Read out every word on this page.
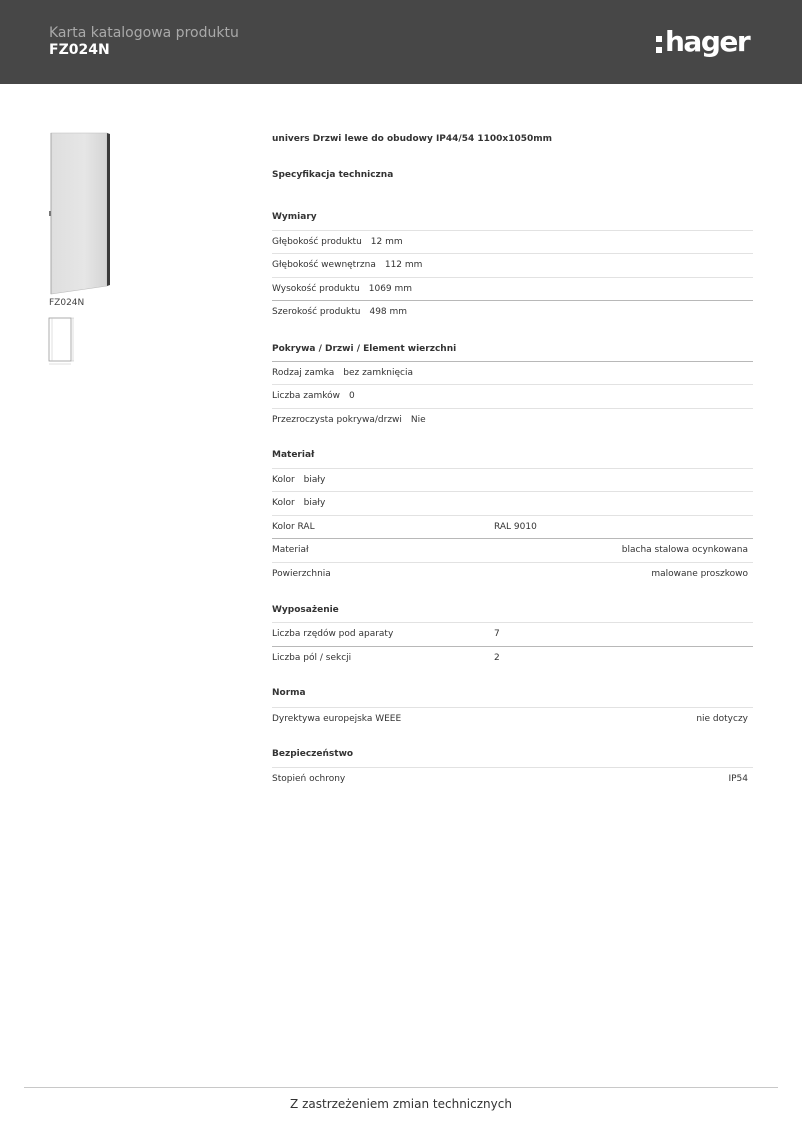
Karta katalogowa produktu
FZ024N	hager
FZ024N
univers Drzwi lewe do obudowy IP44/54 1100x1050mm
Specyfikacja techniczna
Wymiary
Głębokość produktu 12 mm
Głębokość wewnętrzna 112 mm
Wysokość produktu 1069 mm
Szerokość produktu 498 mm
Pokrywa / Drzwi / Element wierzchni
Rodzaj zamka bez zamknięcia
Liczba zamków 0
Przezroczysta pokrywa/drzwi Nie
Materiał
Kolor biały
Kolor biały
Kolor RAL	RAL 9010
Materiał	blacha stalowa ocynkowana
Powierzchnia	malowane proszkowo
Wyposażenie
Liczba rzędów pod aparaty	7
Liczba pól / sekcji	2
Norma
Dyrektywa europejska WEEE	nie dotyczy
Bezpieczeństwo
Stopień ochrony	IP54
Z zastrzeżeniem zmian technicznych
